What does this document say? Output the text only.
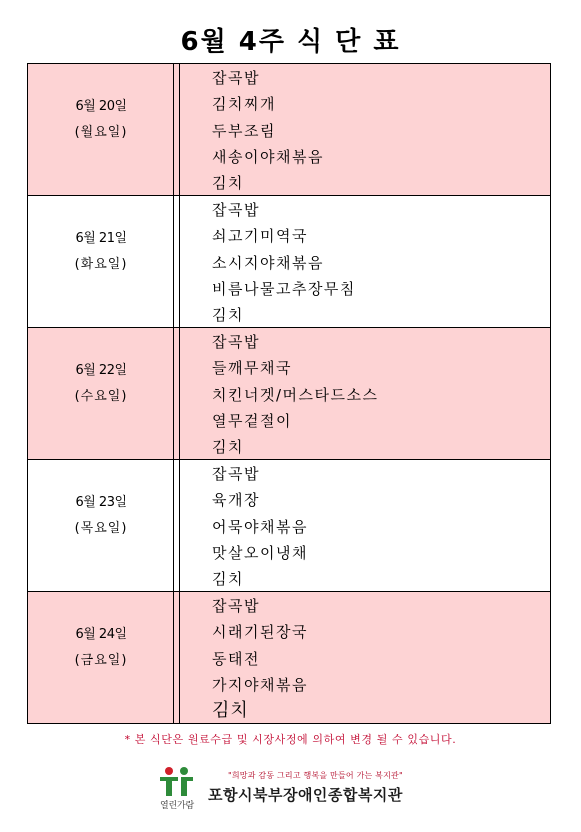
6월 4주 식 단 표
6월 20일
(월요일)
잡곡밥
김치찌개
두부조림
새송이야채볶음
김치
6월 21일
(화요일)
잡곡밥
쇠고기미역국
소시지야채볶음
비름나물고추장무침
김치
6월 22일
(수요일)
잡곡밥
들깨무채국
치킨너겟/머스타드소스
열무겉절이
김치
6월 23일
(목요일)
잡곡밥
육개장
어묵야채볶음
맛살오이냉채
김치
6월 24일
(금요일)
잡곡밥
시래기된장국
동태전
가지야채볶음
김치
* 본 식단은 원료수급 및 시장사정에 의하여 변경 될 수 있습니다.
열린가람
"희망과 감동 그리고 행복을 만들어 가는 복지관"
포항시북부장애인종합복지관
